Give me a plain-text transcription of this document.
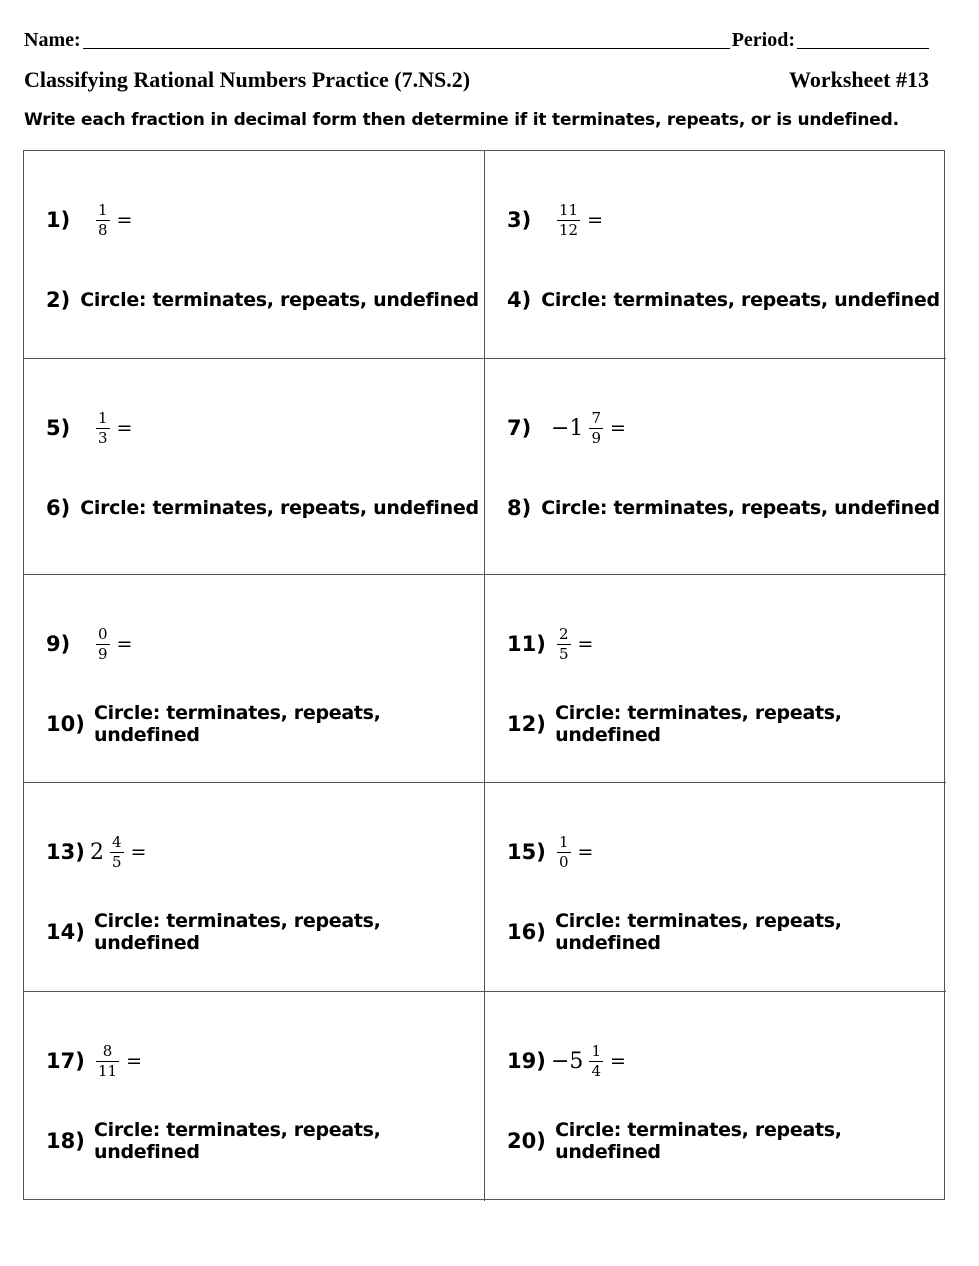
Name:	Period:
Classifying Rational Numbers Practice (7.NS.2)	Worksheet #13
Write each fraction in decimal form then determine if it terminates, repeats, or is undefined.
1)	$\frac{1}{8}$ =
2) Circle: terminates, repeats, undefined
3)	$\frac{11}{12}$ =
4) Circle: terminates, repeats, undefined
5)	$\frac{1}{3}$ =
6) Circle: terminates, repeats, undefined
$7) -1 \frac{7}{9}$ =
8) Circle: terminates, repeats, undefined
9)	$\frac{0}{9}$ =
10) Circle: terminates, repeats, undefined
$11) \frac{2}{5}$ =
12) Circle: terminates, repeats, undefined
13) $2 \frac{4}{5}$ =
14) Circle: terminates, repeats, undefined
$15) \frac{1}{0}$ =
16) Circle: terminates, repeats, undefined
$17) \frac{8}{11}$ =
18) Circle: terminates, repeats, undefined
$19) -5 \frac{1}{4}$ =
20) Circle: terminates, repeats, undefined
